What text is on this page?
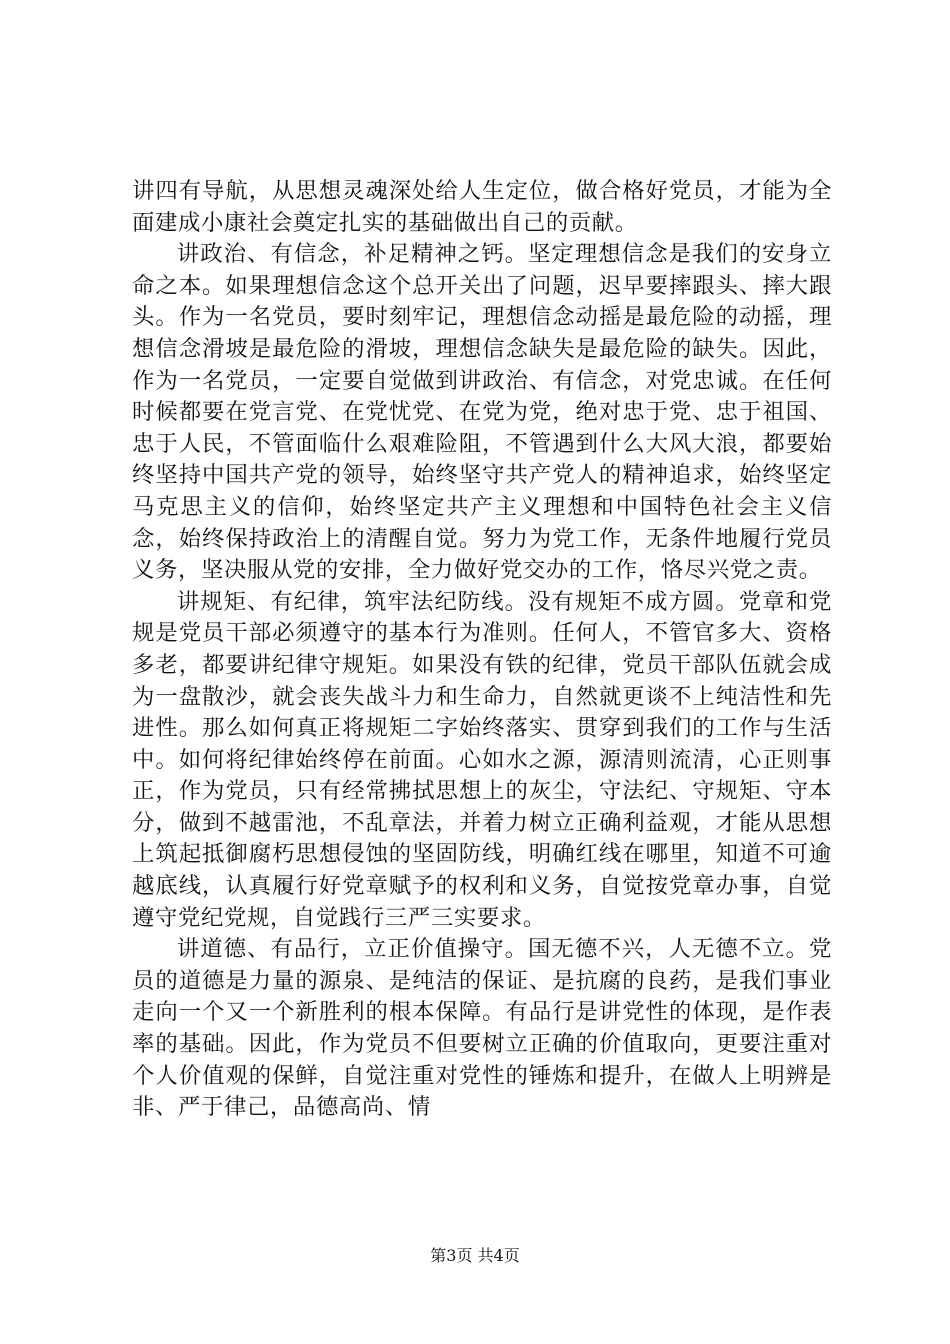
讲四有导航，从思想灵魂深处给人生定位，做合格好党员，才能为全面建成小康社会奠定扎实的基础做出自己的贡献。

讲政治、有信念，补足精神之钙。坚定理想信念是我们的安身立命之本。如果理想信念这个总开关出了问题，迟早要摔跟头、摔大跟头。作为一名党员，要时刻牢记，理想信念动摇是最危险的动摇，理想信念滑坡是最危险的滑坡，理想信念缺失是最危险的缺失。因此，作为一名党员，一定要自觉做到讲政治、有信念，对党忠诚。在任何时候都要在党言党、在党忧党、在党为党，绝对忠于党、忠于祖国、忠于人民，不管面临什么艰难险阻，不管遇到什么大风大浪，都要始终坚持中国共产党的领导，始终坚守共产党人的精神追求，始终坚定马克思主义的信仰，始终坚定共产主义理想和中国特色社会主义信念，始终保持政治上的清醒自觉。努力为党工作，无条件地履行党员义务，坚决服从党的安排，全力做好党交办的工作，恪尽兴党之责。

讲规矩、有纪律，筑牢法纪防线。没有规矩不成方圆。党章和党规是党员干部必须遵守的基本行为准则。任何人，不管官多大、资格多老，都要讲纪律守规矩。如果没有铁的纪律，党员干部队伍就会成为一盘散沙，就会丧失战斗力和生命力，自然就更谈不上纯洁性和先进性。那么如何真正将规矩二字始终落实、贯穿到我们的工作与生活中。如何将纪律始终停在前面。心如水之源，源清则流清，心正则事正，作为党员，只有经常拂拭思想上的灰尘，守法纪、守规矩、守本分，做到不越雷池，不乱章法，并着力树立正确利益观，才能从思想上筑起抵御腐朽思想侵蚀的坚固防线，明确红线在哪里，知道不可逾越底线，认真履行好党章赋予的权利和义务，自觉按党章办事，自觉遵守党纪党规，自觉践行三严三实要求。

讲道德、有品行，立正价值操守。国无德不兴，人无德不立。党员的道德是力量的源泉、是纯洁的保证、是抗腐的良药，是我们事业走向一个又一个新胜利的根本保障。有品行是讲党性的体现，是作表率的基础。因此，作为党员不但要树立正确的价值取向，更要注重对个人价值观的保鲜，自觉注重对党性的锤炼和提升，在做人上明辨是非、严于律己，品德高尚、情

第3页 共4页
